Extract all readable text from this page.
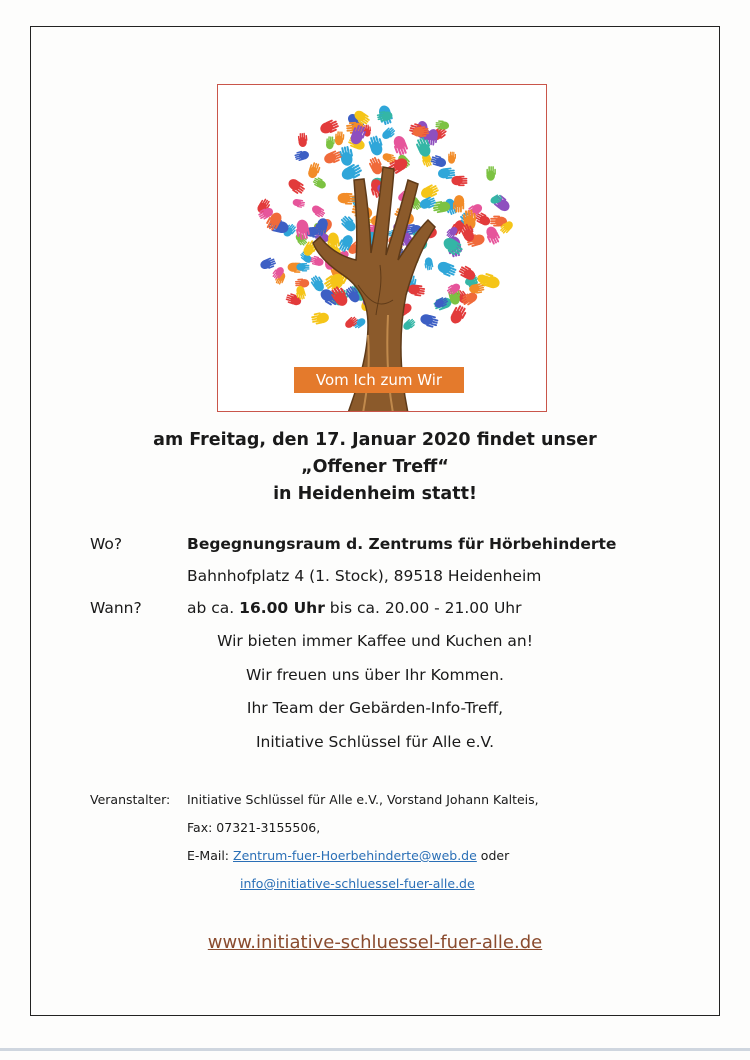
Vom Ich zum Wir
am Freitag, den 17. Januar 2020 findet unser
„Offener Treff“
in Heidenheim statt!
Wo?	Begegnungsraum d. Zentrums für Hörbehinderte
Bahnhofplatz 4 (1. Stock), 89518 Heidenheim
Wann?	ab ca. 16.00 Uhr bis ca. 20.00 - 21.00 Uhr
Wir bieten immer Kaffee und Kuchen an!
Wir freuen uns über Ihr Kommen.
Ihr Team der Gebärden-Info-Treff,
Initiative Schlüssel für Alle e.V.
Veranstalter: Initiative Schlüssel für Alle e.V., Vorstand Johann Kalteis,
Fax: 07321-3155506,
E-Mail: Zentrum-fuer-Hoerbehinderte@web.de oder
info@initiative-schluessel-fuer-alle.de
www.initiative-schluessel-fuer-alle.de
